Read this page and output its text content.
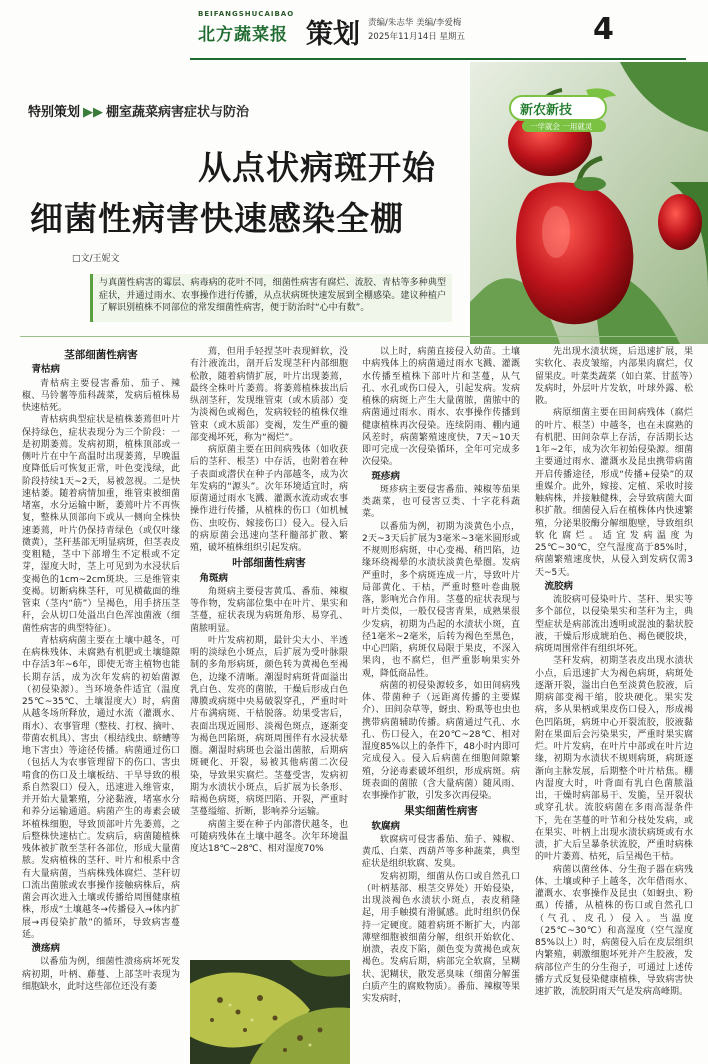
BEIFANGSHUCAIBAO
北方蔬菜报 策划 责编/朱志华 美编/李爱梅
2025年11月14日 星期五	4
新农新技
一学就会 一用就灵
特别策划 ▶▶ 棚室蔬菜病害症状与防治
从点状病斑开始
细菌性病害快速感染全棚
□文/王妮文
与真菌性病害的霉层、病毒病的花叶不同，细菌性病害有腐烂、流胶、青枯等多种典型症状，并通过雨水、农事操作进行传播，从点状病斑快速发展到全棚感染。建议种植户了解识别植株不同部位的常发细菌性病害，便于防治时“心中有数”。
茎部细菌性病害
青枯病

青枯病主要侵害番茄、茄子、辣椒、马铃薯等茄科蔬菜，发病后植株易快速枯死。

青枯病典型症状是植株萎蔫但叶片保持绿色，症状表现分为三个阶段：一是初期萎蔫。发病初期，植株顶部或一侧叶片在中午高温时出现萎蔫，早晚温度降低后可恢复正常，叶色变浅绿，此阶段持续1天~2天，易被忽视。二是快速枯萎。随着病情加重，维管束被细菌堵塞，水分运输中断，萎蔫叶片不再恢复，整株从顶部向下或从一侧向全株快速萎蔫，叶片仍保持青绿色（或仅叶缘微黄），茎秆基部无明显病斑，但茎表皮变粗糙，茎中下部增生不定根或不定芽，湿度大时，茎上可见到为水浸状后变褐色的1cm~2cm斑块。三是维管束变褐。切断病株茎秆，可见横截面的维管束（茎内“筋”）呈褐色，用手挤压茎秆，会从切口处溢出白色浑浊菌液（细菌性病害的典型特征）。

青枯病病菌主要在土壤中越冬，可在病株残体、未腐熟有机肥或土壤缝隙中存活3年~6年，即使无寄主植物也能长期存活，成为次年发病的初始菌源（初侵染源）。当环境条件适宜（温度25℃~35℃、土壤湿度大）时，病菌从越冬场所释放，通过水流（灌溉水、雨水）、农事管理（整枝、打杈、摘叶、带菌农机具）、害虫（根结线虫、蛴螬等地下害虫）等途径传播。病菌通过伤口（包括人为农事管理留下的伤口、害虫啃食的伤口及土壤板结、干旱导致的根系自然裂口）侵入，迅速进入维管束，并开始大量繁殖，分泌黏液，堵塞水分和养分运输通道。病菌产生的毒素会破坏植株细胞，导致顶部叶片先萎蔫，之后整株快速枯亡。发病后，病菌随植株残体被扩散至茎秆各部位，形成大量菌脓。发病植株的茎秆、叶片和根系中含有大量病菌，当病株残体腐烂、茎秆切口流出菌脓或农事操作接触病株后，病菌会再次进入土壤或传播给周围健康植株，形成“土壤越冬→传播侵入→体内扩展→再侵染扩散”的循环，导致病害蔓延。

溃疡病

以番茄为例，细菌性溃疡病坏死发病初期，叶柄、藤蔓、上部茎叶表现为细胞缺水，此时这些部位还没有萎

蔫，但用手轻捏茎叶表现鲜软，没有汁液流出，剖开后发现茎秆内部细胞松散，随着病情扩展，叶片出现萎蔫，最终全株叶片萎蔫。将萎蔫植株拔出后纵剖茎秆，发现维管束（或木质部）变为淡褐色或褐色，发病较轻的植株仅维管束（或木质部）变褐，发生严重的髓部变褐坏死，称为“褐烂”。

病原菌主要在田间病残体（如收获后的茎秆、根茎）中存活，也附着在种子表面或潜伏在种子内部越冬，成为次年发病的“源头”。次年环境适宜时，病原菌通过雨水飞溅、灌溉水流动或农事操作进行传播，从植株的伤口（如机械伤、虫咬伤、嫁接伤口）侵入。侵入后的病原菌会迅速向茎秆髓部扩散、繁殖，破坏植株组织引起发病。

叶部细菌性病害
角斑病

角斑病主要侵害黄瓜、番茄、辣椒等作物，发病部位集中在叶片、果实和茎蔓，症状表现为病斑角形、易穿孔、菌脓明显。

叶片发病初期，最针尖大小、半透明的淡绿色小斑点，后扩展为受叶脉限制的多角形病斑，颜色转为黄褐色至褐色，边缘不清晰。潮湿时病斑背面溢出乳白色、发亮的菌脓，干燥后形成白色薄膜或病斑中央易破裂穿孔，严重时叶片布满病斑、干枯脱落。幼果受害后，表面出现近圆形、淡褐色斑点，逐渐变为褐色凹陷斑，病斑周围伴有水浸状晕圈。潮湿时病斑也会溢出菌脓，后期病斑硬化、开裂，易被其他病菌二次侵染，导致果实腐烂。茎蔓受害，发病初期为水渍状小斑点，后扩展为长条形、暗褐色病斑，病斑凹陷、开裂，严重时茎蔓缢缩、折断，影响养分运输。

病菌主要在种子内部潜伏越冬，也可随病残体在土壤中越冬。次年环境温度达18℃~28℃、相对湿度70%

以上时，病菌直接侵入幼苗。土壤中病残体上的病菌通过雨水飞溅、灌溉水传播至植株下部叶片和茎蔓，从气孔、水孔或伤口侵入，引起发病。发病植株的病斑上产生大量菌脓，菌脓中的病菌通过雨水、雨水、农事操作传播到健康植株再次侵染。连续阴雨、棚内通风差时，病菌繁殖速度快，7天~10天即可完成一次侵染循环，全年可完成多次侵染。

斑疹病

斑疹病主要侵害番茄、辣椒等茄果类蔬菜，也可侵害豆类、十字花科蔬菜。

以番茄为例，初期为淡黄色小点，2天~3天后扩展为3毫米~3毫米圆形或不规则形病斑，中心变褐、稍凹陷，边缘环绕褐晕的水渍状淡黄色晕圈。发病严重时，多个病斑连成一片，导致叶片局部黄化、干枯，严重时整叶卷曲脱落，影响光合作用。茎蔓的症状表现与叶片类似，一般仅侵害青果，成熟果很少发病，初期为凸起的水渍状小斑，直径1毫米~2毫米，后转为褐色至黑色，中心凹陷，病斑仅局限于果皮，不深入果肉，也不腐烂，但严重影响果实外观，降低商品性。

病菌的初侵染源较多，如田间病残体、带菌种子（远距离传播的主要媒介）、田间杂草等，蚜虫、粉虱等也虫也携带病菌辅助传播。病菌通过气孔、水孔、伤口侵入，在20℃~28℃、相对湿度85%以上的条件下，48小时内即可完成侵入。侵入后病菌在细胞间隙繁殖，分泌毒素破坏组织，形成病斑。病斑表面的菌脓（含大量病菌）随风雨、农事操作扩散，引发多次再侵染。

果实细菌性病害
软腐病

软腐病可侵害番茄、茄子、辣椒、黄瓜、白菜、西葫芦等多种蔬菜，典型症状是组织软腐、发臭。

发病初期，细菌从伤口或自然孔口（叶柄基部、根茎交界处）开始侵染，出现淡褐色水渍状小斑点，表皮稍隆起，用手触摸有滑腻感。此时组织仍保持一定硬度。随着病斑不断扩大，内部薄壁细胞被细菌分解，组织开始软化、崩溃，表皮下陷，颜色变为黄褐色或灰褐色。发病后期，病部完全软腐，呈糊状、泥糊状，散发恶臭味（细菌分解蛋白质产生的腐败物质）。番茄、辣椒等果实发病时，

先出现水渍状斑，后迅速扩展，果实软化、表皮皱缩，内部果肉腐烂，仅留果皮。叶菜类蔬菜（如白菜、甘蓝等）发病时，外层叶片发软，叶球外露、松散。

病原细菌主要在田间病残体（腐烂的叶片、根茎）中越冬，也在未腐熟的有机肥、田间杂草上存活，存活期长达1年~2年，成为次年初始侵染源。细菌主要通过雨水、灌溉水及昆虫携带病菌开启传播途径，形成“传播+侵染”的双重媒介。此外，嫁接、定植、采收时接触病株，并接触健株，会导致病菌大面积扩散。细菌侵入后在植株体内快速繁殖，分泌果胶酶分解细胞壁，导致组织软化腐烂。适宜发病温度为25℃~30℃，空气湿度高于85%时，病菌繁殖速度快，从侵入到发病仅需3天~5天。

流胶病

流胶病可侵染叶片、茎秆、果实等多个部位，以侵染果实和茎秆为主，典型症状是病部流出透明或混浊的黏状胶液，干燥后形成琥珀色、褐色硬胶块，病斑周围常伴有组织坏死。

茎秆发病，初期茎表皮出现水渍状小点，后迅速扩大为褐色病斑，病斑处逐渐开裂，溢出白色至淡黄色胶液，后期病部变褐干缩，胶块硬化。果实发病，多从果柄或果皮伤口侵入，形成褐色凹陷斑，病斑中心开裂流胶，胶液黏附在果面后会污染果实，严重时果实腐烂。叶片发病，在叶片中部或在叶片边缘，初期为水渍状不规则病斑，病斑逐渐向主脉发展，后期整个叶片枯焦。棚内湿度大时，叶背面有乳白色菌脓溢出，干燥时病部易干、发脆，呈开裂状或穿孔状。流胶病菌在多雨高湿条件下，先在茎蔓的叶节和分枝处发病，或在果实、叶柄上出现水渍状病斑或有水渍，扩大后呈暴条状流胶，严重时病株的叶片萎蔫、枯死，后呈褐色干枯。

病菌以菌丝体、分生孢子器在病残体、土壤或种子上越冬，次年借雨水、灌溉水、农事操作及昆虫（如蚜虫、粉虱）传播，从植株的伤口或自然孔口（气孔、皮孔）侵入。当温度（25℃~30℃）和高湿度（空气湿度85%以上）时，病菌侵入后在皮层组织内繁殖，刺激细胞坏死并产生胶液，发病部位产生的分生孢子，可通过上述传播方式反复侵染健康植株，导致病害快速扩散，流胶阴雨天气是发病高峰期。
